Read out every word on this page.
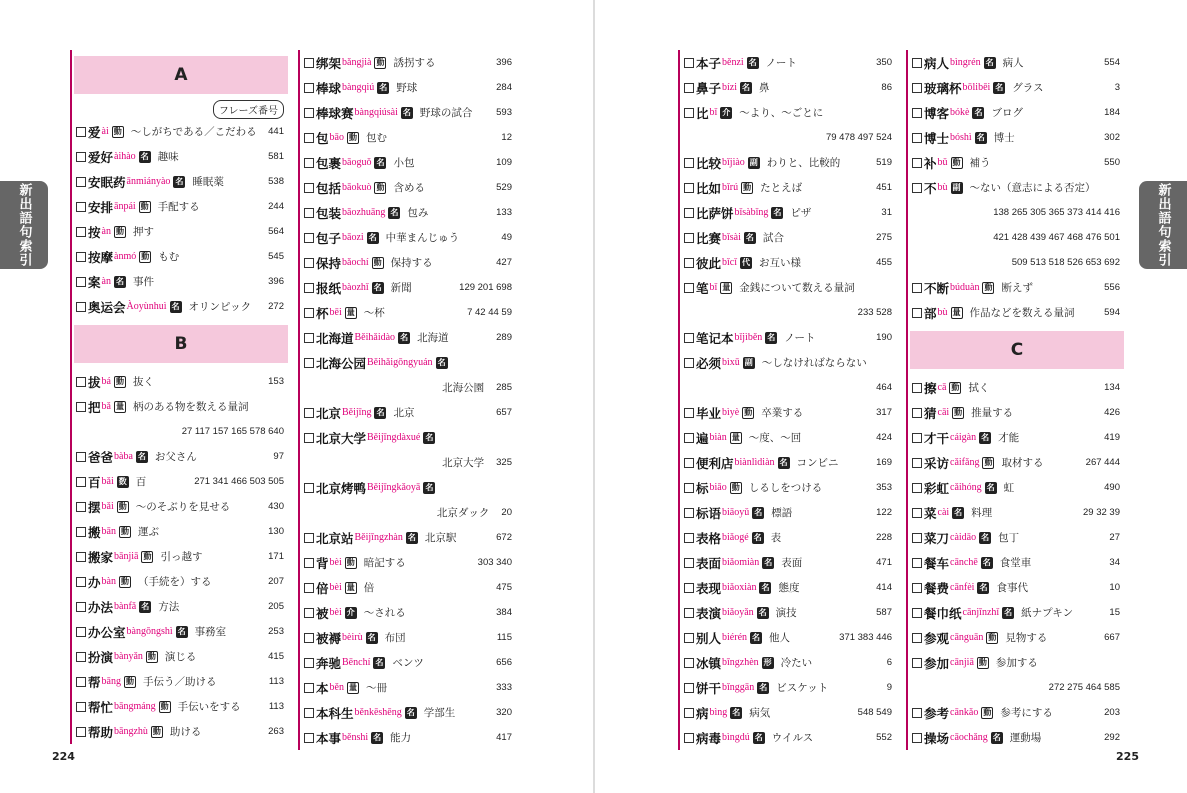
新出語句索引
A
フレーズ番号
爱 ài 動 ～しがちである／こだわる 441
爱好 àihào 名 趣味	581
安眠药 ānmiányào 名 睡眠薬	538
安排 ānpái 動 手配する	244
按 àn 動 押す	564
按摩 ànmó 動 もむ	545
案 àn 名 事件	396
奥运会 Àoyùnhuì 名 オリンピック 272
B
拔 bá 動 抜く	153
把 bǎ 量 柄のある物を数える量詞
27 117 157 165 578 640
爸爸 bàba 名 お父さん	97
百 bǎi 数 百	271 341 466 503 505
摆 bǎi 動 ～のそぶりを見せる	430
搬 bān 動 運ぶ	130
搬家 bānjiā 動 引っ越す	171
办 bàn 動 （手続を）する	207
办法 bànfǎ 名 方法	205
办公室 bàngōngshì 名 事務室	253
扮演 bànyǎn 動 演じる	415
帮 bāng 動 手伝う／助ける	113
帮忙 bāngmáng 動 手伝いをする	113
帮助 bāngzhù 動 助ける	263
绑架 bǎngjià 動 誘拐する	396
棒球 bàngqiú 名 野球	284
棒球赛 bàngqiúsài 名 野球の試合	593
包 bāo 動 包む	12
包裹 bāoguǒ 名 小包	109
包括 bāokuò 動 含める	529
包装 bāozhuāng 名 包み	133
包子 bāozi 名 中華まんじゅう	49
保持 bǎochí 動 保持する	427
报纸 bàozhǐ 名 新聞	129 201 698
杯 bēi 量 ～杯	7 42 44 59
北海道 Běihǎidào 名 北海道	289
北海公园 Běihǎigōngyuán 名
北海公園 285
北京 Běijīng 名 北京	657
北京大学 Běijīngdàxué 名
北京大学 325
北京烤鸭 Běijīngkǎoyā 名
北京ダック 20
北京站 Běijīngzhàn 名 北京駅	672
背 bèi 動 暗記する	303 340
倍 bèi 量 倍	475
被 bèi 介 ～される	384
被褥 bèirù 名 布団	115
奔驰 Bēnchí 名 ベンツ	656
本 běn 量 ～冊	333
本科生 běnkēshēng 名 学部生	320
本事 běnshi 名 能力	417
224
本子 běnzi 名 ノート	350
鼻子 bízi 名 鼻	86
比 bǐ 介 ～より、～ごとに
79 478 497 524
比较 bǐjiào 副 わりと、比較的	519
比如 bǐrú 動 たとえば	451
比萨饼 bǐsàbǐng 名 ピザ	31
比赛 bǐsài 名 試合	275
彼此 bǐcǐ 代 お互い様	455
笔 bǐ 量 金銭について数える量詞
233 528
笔记本 bǐjìběn 名 ノート	190
必须 bìxū 副 ～しなければならない
464
毕业 bìyè 動 卒業する	317
遍 biàn 量 ～度、～回	424
便利店 biànlìdiàn 名 コンビニ	169
标 biāo 動 しるしをつける	353
标语 biāoyǔ 名 標語	122
表格 biǎogé 名 表	228
表面 biǎomiàn 名 表面	471
表现 biǎoxiàn 名 態度	414
表演 biǎoyǎn 名 演技	587
别人 biérén 名 他人	371 383 446
冰镇 bīngzhèn 形 冷たい	6
饼干 bǐnggān 名 ビスケット	9
病 bìng 名 病気	548 549
病毒 bìngdú 名 ウイルス	552
病人 bìngrén 名 病人	554
玻璃杯 bōlibēi 名 グラス	3
博客 bókè 名 ブログ	184
博士 bóshì 名 博士	302
补 bǔ 動 補う	550
不 bù 副 ～ない（意志による否定）
138 265 305 365 373 414 416
421 428 439 467 468 476 501
509 513 518 526 653 692
不断 búduàn 動 断えず	556
部 bù 量 作品などを数える量詞	594
C
擦 cā 動 拭く	134
猜 cāi 動 推量する	426
才干 cáigàn 名 才能	419
采访 cǎifǎng 動 取材する	267 444
彩虹 cǎihóng 名 虹	490
菜 cài 名 料理	29 32 39
菜刀 càidāo 名 包丁	27
餐车 cānchē 名 食堂車	34
餐费 cānfèi 名 食事代	10
餐巾纸 cānjīnzhǐ 名 紙ナプキン	15
参观 cānguān 動 見物する	667
参加 cānjiā 動 参加する
272 275 464 585
参考 cānkǎo 動 参考にする	203
操场 cāochǎng 名 運動場	292
新出語句索引
225
